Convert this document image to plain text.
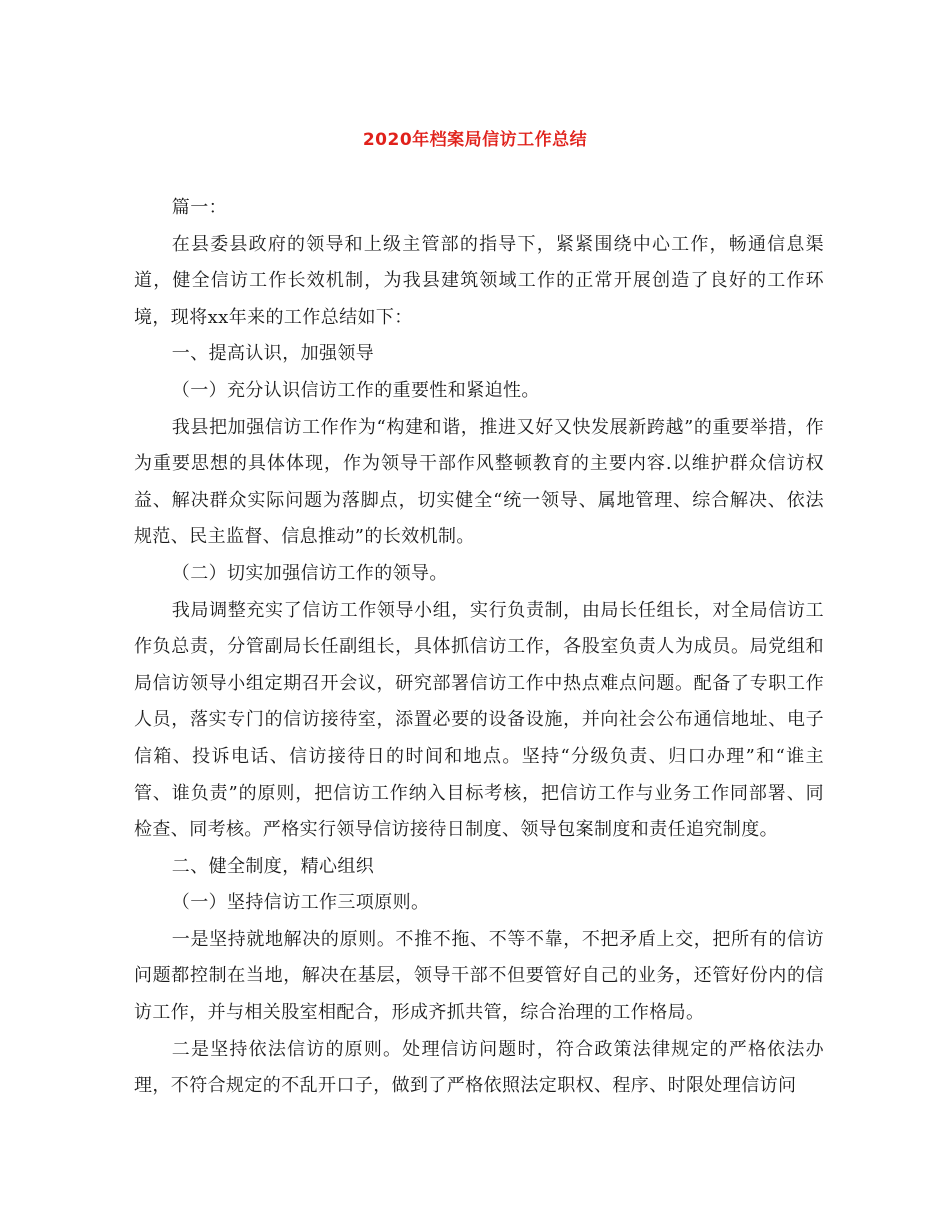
2020年档案局信访工作总结

篇一：

在县委县政府的领导和上级主管部的指导下，紧紧围绕中心工作，畅通信息渠道，健全信访工作长效机制，为我县建筑领域工作的正常开展创造了良好的工作环境，现将xx年来的工作总结如下：

一、提高认识，加强领导

（一）充分认识信访工作的重要性和紧迫性。

我县把加强信访工作作为“构建和谐，推进又好又快发展新跨越”的重要举措，作为重要思想的具体体现，作为领导干部作风整顿教育的主要内容.以维护群众信访权益、解决群众实际问题为落脚点，切实健全“统一领导、属地管理、综合解决、依法规范、民主监督、信息推动”的长效机制。

（二）切实加强信访工作的领导。

我局调整充实了信访工作领导小组，实行负责制，由局长任组长，对全局信访工作负总责，分管副局长任副组长，具体抓信访工作，各股室负责人为成员。局党组和局信访领导小组定期召开会议，研究部署信访工作中热点难点问题。配备了专职工作人员，落实专门的信访接待室，添置必要的设备设施，并向社会公布通信地址、电子信箱、投诉电话、信访接待日的时间和地点。坚持“分级负责、归口办理”和“谁主管、谁负责”的原则，把信访工作纳入目标考核，把信访工作与业务工作同部署、同检查、同考核。严格实行领导信访接待日制度、领导包案制度和责任追究制度。

二、健全制度，精心组织

（一）坚持信访工作三项原则。

一是坚持就地解决的原则。不推不拖、不等不靠，不把矛盾上交，把所有的信访问题都控制在当地，解决在基层，领导干部不但要管好自己的业务，还管好份内的信访工作，并与相关股室相配合，形成齐抓共管，综合治理的工作格局。

二是坚持依法信访的原则。处理信访问题时，符合政策法律规定的严格依法办理，不符合规定的不乱开口子，做到了严格依照法定职权、程序、时限处理信访问
